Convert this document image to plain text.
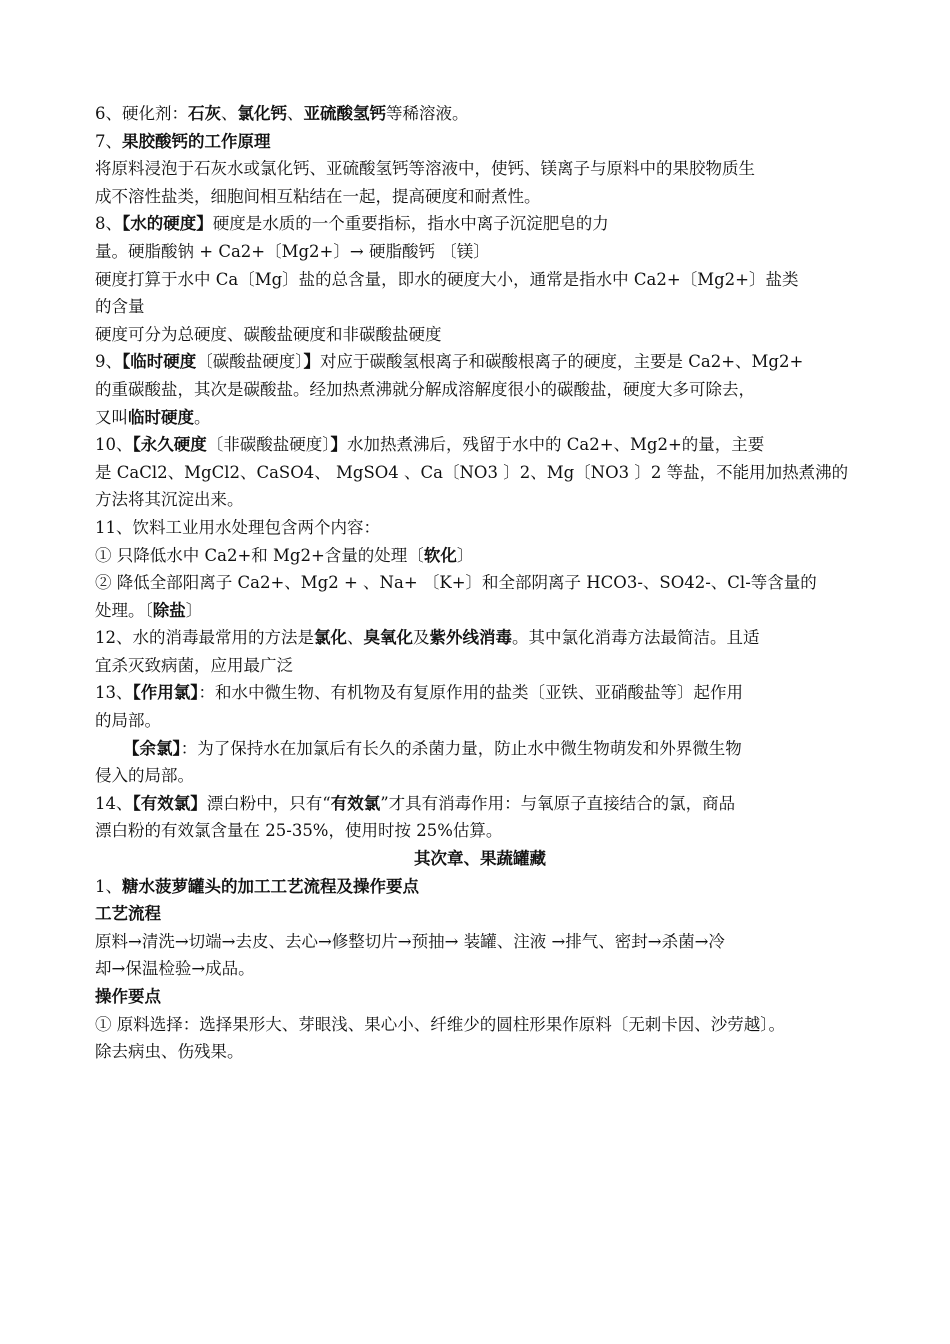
6、硬化剂：石灰、氯化钙、亚硫酸氢钙等稀溶液。
7、果胶酸钙的工作原理
将原料浸泡于石灰水或氯化钙、亚硫酸氢钙等溶液中，使钙、镁离子与原料中的果胶物质生
成不溶性盐类，细胞间相互粘结在一起，提高硬度和耐煮性。
8、【水的硬度】硬度是水质的一个重要指标，指水中离子沉淀肥皂的力
量。硬脂酸钠 + Ca2+〔Mg2+〕→ 硬脂酸钙 〔镁〕
硬度打算于水中 Ca〔Mg〕盐的总含量，即水的硬度大小，通常是指水中 Ca2+〔Mg2+〕盐类
的含量
硬度可分为总硬度、碳酸盐硬度和非碳酸盐硬度
9、【临时硬度〔碳酸盐硬度〕】对应于碳酸氢根离子和碳酸根离子的硬度，主要是 Ca2+、Mg2+
的重碳酸盐，其次是碳酸盐。经加热煮沸就分解成溶解度很小的碳酸盐，硬度大多可除去，
又叫临时硬度。
10、【永久硬度〔非碳酸盐硬度〕】水加热煮沸后，残留于水中的 Ca2+、Mg2+的量，主要
是 CaCl2、MgCl2、CaSO4、 MgSO4 、Ca〔NO3 〕2、Mg〔NO3 〕2 等盐，不能用加热煮沸的
方法将其沉淀出来。
11、饮料工业用水处理包含两个内容：
① 只降低水中 Ca2+和 Mg2+含量的处理〔软化〕
② 降低全部阳离子 Ca2+、Mg2 + 、Na+ 〔K+〕和全部阴离子 HCO3-、SO42-、Cl-等含量的
处理。〔除盐〕
12、水的消毒最常用的方法是氯化、臭氧化及紫外线消毒。其中氯化消毒方法最简洁。且适
宜杀灭致病菌，应用最广泛
13、【作用氯】：和水中微生物、有机物及有复原作用的盐类〔亚铁、亚硝酸盐等〕起作用
的局部。
【余氯】：为了保持水在加氯后有长久的杀菌力量，防止水中微生物萌发和外界微生物
侵入的局部。
14、【有效氯】漂白粉中，只有“有效氯”才具有消毒作用：与氧原子直接结合的氯，商品
漂白粉的有效氯含量在 25-35%，使用时按 25%估算。
其次章、果蔬罐藏
1、糖水菠萝罐头的加工工艺流程及操作要点
工艺流程
原料→清洗→切端→去皮、去心→修整切片→预抽→ 装罐、注液 →排气、密封→杀菌→冷
却→保温检验→成品。
操作要点
① 原料选择：选择果形大、芽眼浅、果心小、纤维少的圆柱形果作原料〔无刺卡因、沙劳越〕。
除去病虫、伤残果。
